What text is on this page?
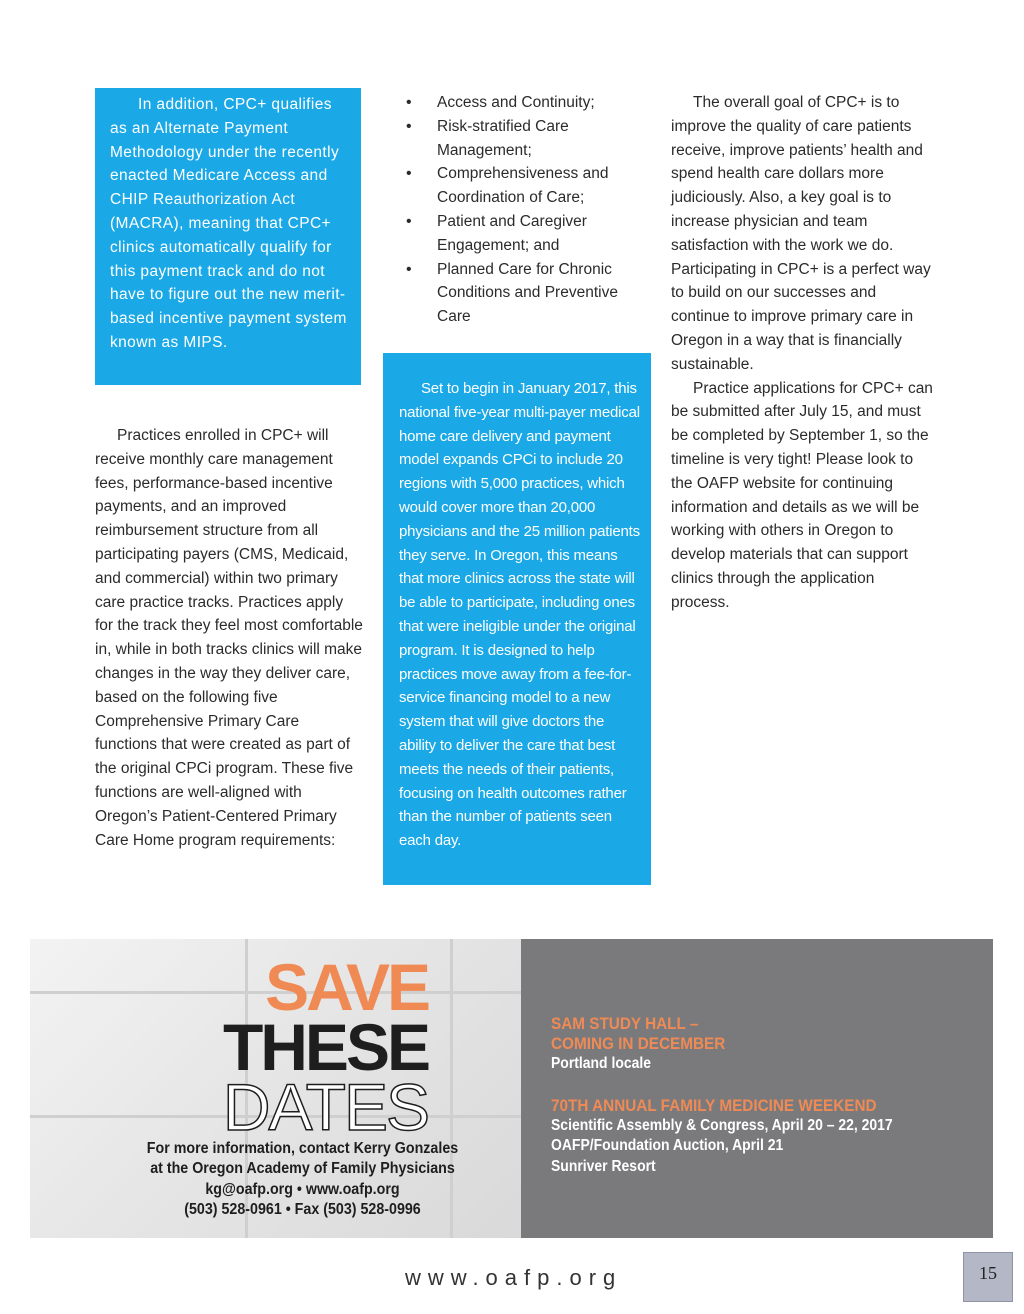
In addition, CPC+ qualifies as an Alternate Payment Methodology under the recently enacted Medicare Access and CHIP Reauthorization Act (MACRA), meaning that CPC+ clinics automatically qualify for this payment track and do not have to figure out the new merit-based incentive payment system known as MIPS.

Practices enrolled in CPC+ will receive monthly care management fees, performance-based incentive payments, and an improved reimbursement structure from all participating payers (CMS, Medicaid, and commercial) within two primary care practice tracks. Practices apply for the track they feel most comfortable in, while in both tracks clinics will make changes in the way they deliver care, based on the following five Comprehensive Primary Care functions that were created as part of the original CPCi program. These five functions are well-aligned with Oregon’s Patient-Centered Primary Care Home program requirements:

• Access and Continuity;
• Risk-stratified Care Management;
• Comprehensiveness and Coordination of Care;
• Patient and Caregiver Engagement; and
• Planned Care for Chronic Conditions and Preventive Care

Set to begin in January 2017, this national five-year multi-payer medical home care delivery and payment model expands CPCi to include 20 regions with 5,000 practices, which would cover more than 20,000 physicians and the 25 million patients they serve. In Oregon, this means that more clinics across the state will be able to participate, including ones that were ineligible under the original program. It is designed to help practices move away from a fee-for-service financing model to a new system that will give doctors the ability to deliver the care that best meets the needs of their patients, focusing on health outcomes rather than the number of patients seen each day.

The overall goal of CPC+ is to improve the quality of care patients receive, improve patients’ health and spend health care dollars more judiciously. Also, a key goal is to increase physician and team satisfaction with the work we do. Participating in CPC+ is a perfect way to build on our successes and continue to improve primary care in Oregon in a way that is financially sustainable.

Practice applications for CPC+ can be submitted after July 15, and must be completed by September 1, so the timeline is very tight! Please look to the OAFP website for continuing information and details as we will be working with others in Oregon to develop materials that can support clinics through the application process.

SAVE
THESE
DATES
For more information, contact Kerry Gonzales
at the Oregon Academy of Family Physicians
kg@oafp.org • www.oafp.org
(503) 528-0961 • Fax (503) 528-0996
SAM STUDY HALL –
COMING IN DECEMBER
Portland locale
70TH ANNUAL FAMILY MEDICINE WEEKEND
Scientific Assembly & Congress, April 20 – 22, 2017
OAFP/Foundation Auction, April 21
Sunriver Resort
www.oafp.org	15
